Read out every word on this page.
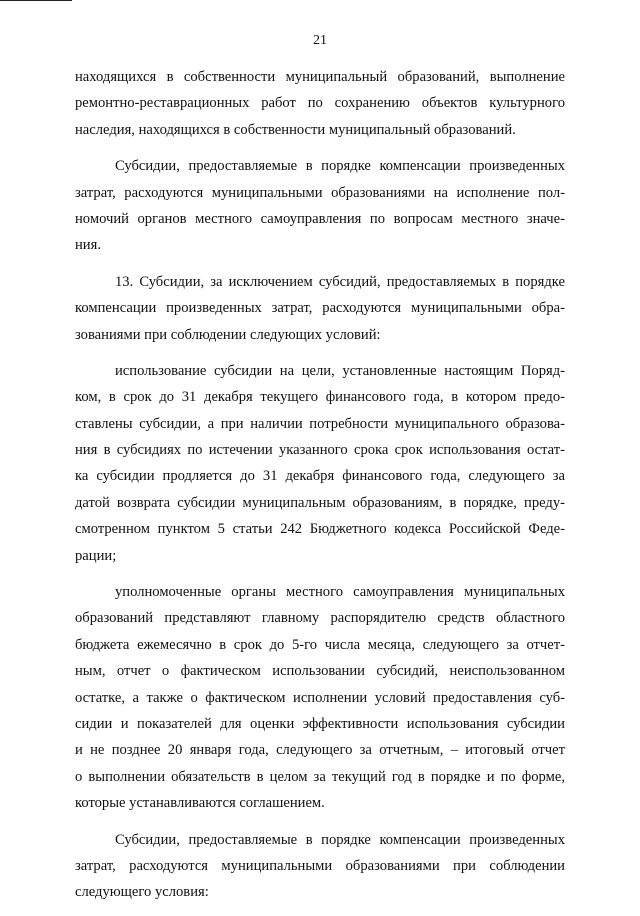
21

находящихся в собственности муниципальный образований, выполнение
ремонтно-реставрационных работ по сохранению объектов культурного
наследия, находящихся в собственности муниципальный образований.

Субсидии, предоставляемые в порядке компенсации произведенных
затрат, расходуются муниципальными образованиями на исполнение пол-
номочий органов местного самоуправления по вопросам местного значе-
ния.

13. Субсидии, за исключением субсидий, предоставляемых в порядке
компенсации произведенных затрат, расходуются муниципальными обра-
зованиями при соблюдении следующих условий:

использование субсидии на цели, установленные настоящим Поряд-
ком, в срок до 31 декабря текущего финансового года, в котором предо-
ставлены субсидии, а при наличии потребности муниципального образова-
ния в субсидиях по истечении указанного срока срок использования остат-
ка субсидии продляется до 31 декабря финансового года, следующего за
датой возврата субсидии муниципальным образованиям, в порядке, преду-
смотренном пунктом 5 статьи 242 Бюджетного кодекса Российской Феде-
рации;

уполномоченные органы местного самоуправления муниципальных
образований представляют главному распорядителю средств областного
бюджета ежемесячно в срок до 5-го числа месяца, следующего за отчет-
ным, отчет о фактическом использовании субсидий, неиспользованном
остатке, а также о фактическом исполнении условий предоставления суб-
сидии и показателей для оценки эффективности использования субсидии
и не позднее 20 января года, следующего за отчетным, – итоговый отчет
о выполнении обязательств в целом за текущий год в порядке и по форме,
которые устанавливаются соглашением.

Субсидии, предоставляемые в порядке компенсации произведенных
затрат, расходуются муниципальными образованиями при соблюдении
следующего условия:
